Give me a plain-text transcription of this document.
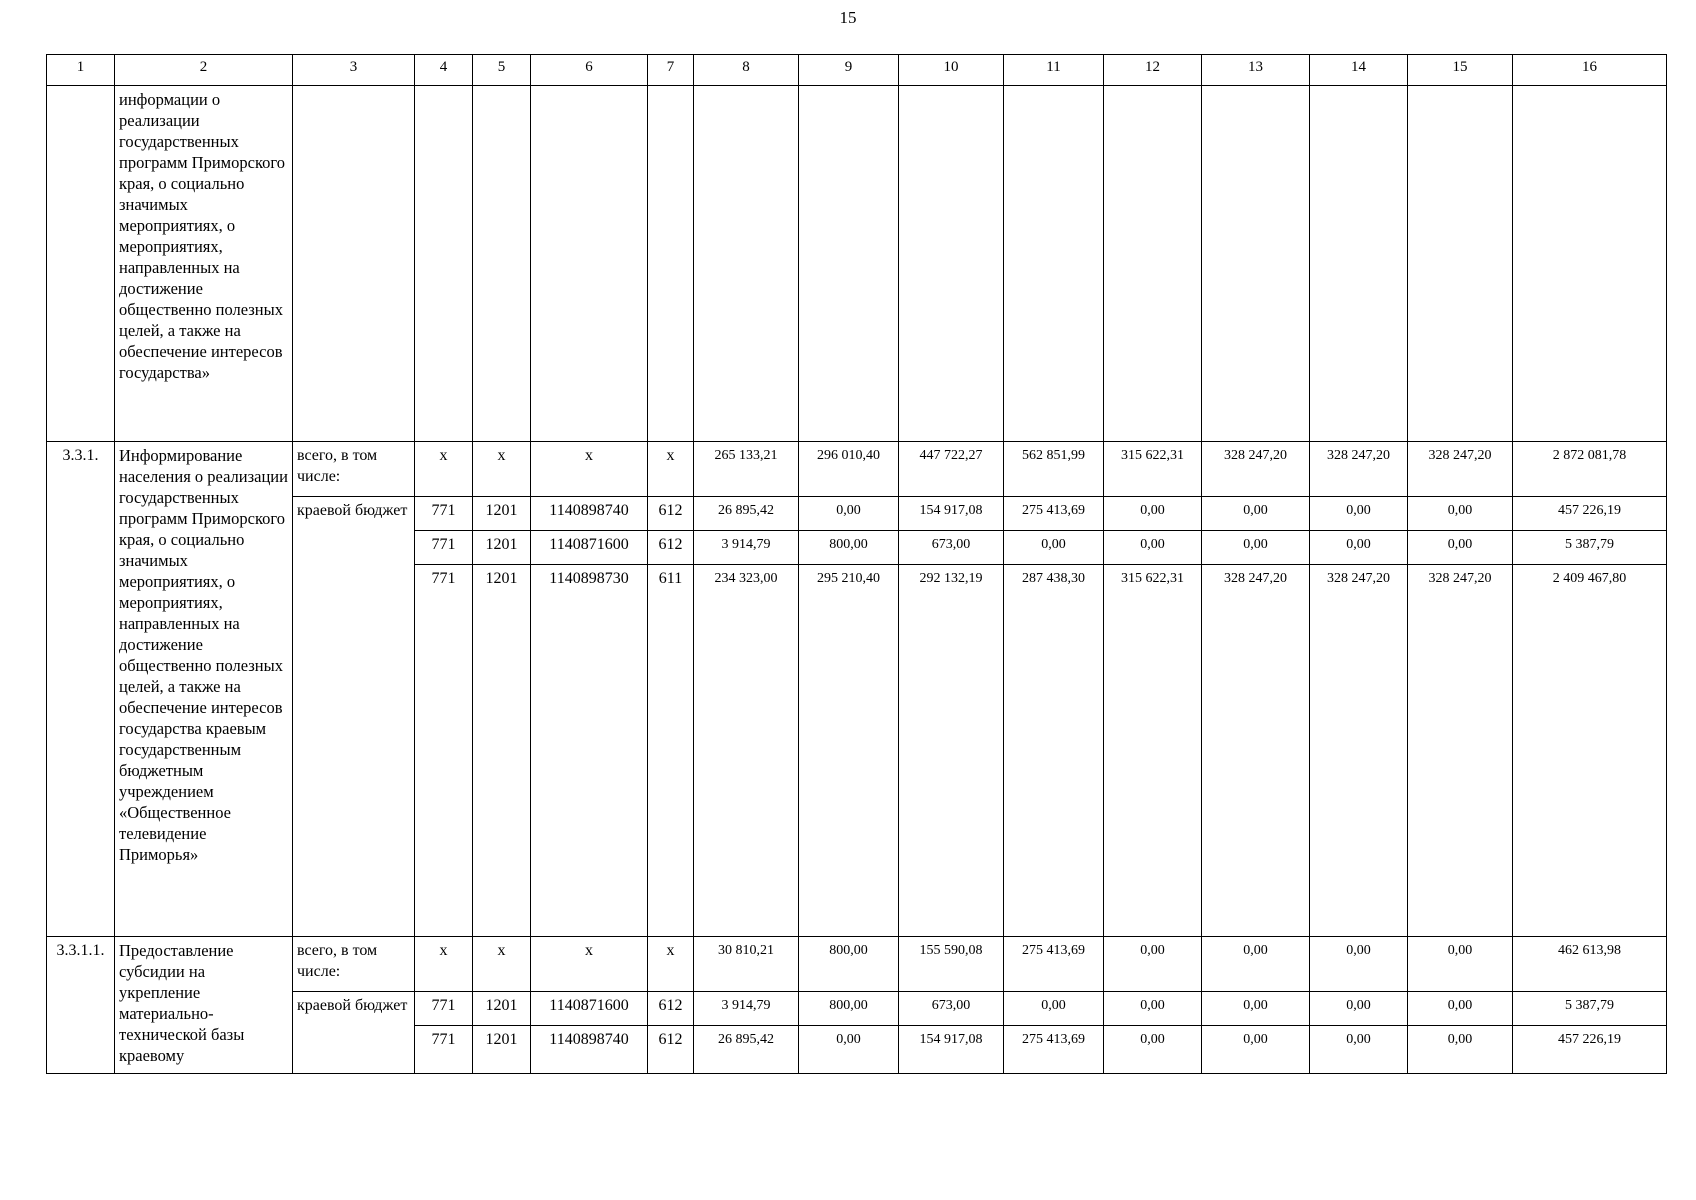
15
1	2	3	4	5	6	7	8	9	10	11	12	13	14	15	16
	информации о реализации государственных программ Приморского края, о социально значимых мероприятиях, о мероприятиях, направленных на достижение общественно полезных целей, а также на обеспечение интересов государства»														
3.3.1.	Информирование населения о реализации государственных программ Приморского края, о социально значимых мероприятиях, о мероприятиях, направленных на достижение общественно полезных целей, а также на обеспечение интересов государства краевым государственным бюджетным учреждением «Общественное телевидение Приморья»	всего, в том числе:	х	х	х	х	265 133,21	296 010,40	447 722,27	562 851,99	315 622,31	328 247,20	328 247,20	328 247,20	2 872 081,78
		краевой бюджет	771	1201	1140898740	612	26 895,42	0,00	154 917,08	275 413,69	0,00	0,00	0,00	0,00	457 226,19
			771	1201	1140871600	612	3 914,79	800,00	673,00	0,00	0,00	0,00	0,00	0,00	5 387,79
			771	1201	1140898730	611	234 323,00	295 210,40	292 132,19	287 438,30	315 622,31	328 247,20	328 247,20	328 247,20	2 409 467,80
3.3.1.1.	Предоставление субсидии на укрепление материально-технической базы краевому	всего, в том числе:	х	х	х	х	30 810,21	800,00	155 590,08	275 413,69	0,00	0,00	0,00	0,00	462 613,98
		краевой бюджет	771	1201	1140871600	612	3 914,79	800,00	673,00	0,00	0,00	0,00	0,00	0,00	5 387,79
			771	1201	1140898740	612	26 895,42	0,00	154 917,08	275 413,69	0,00	0,00	0,00	0,00	457 226,19
